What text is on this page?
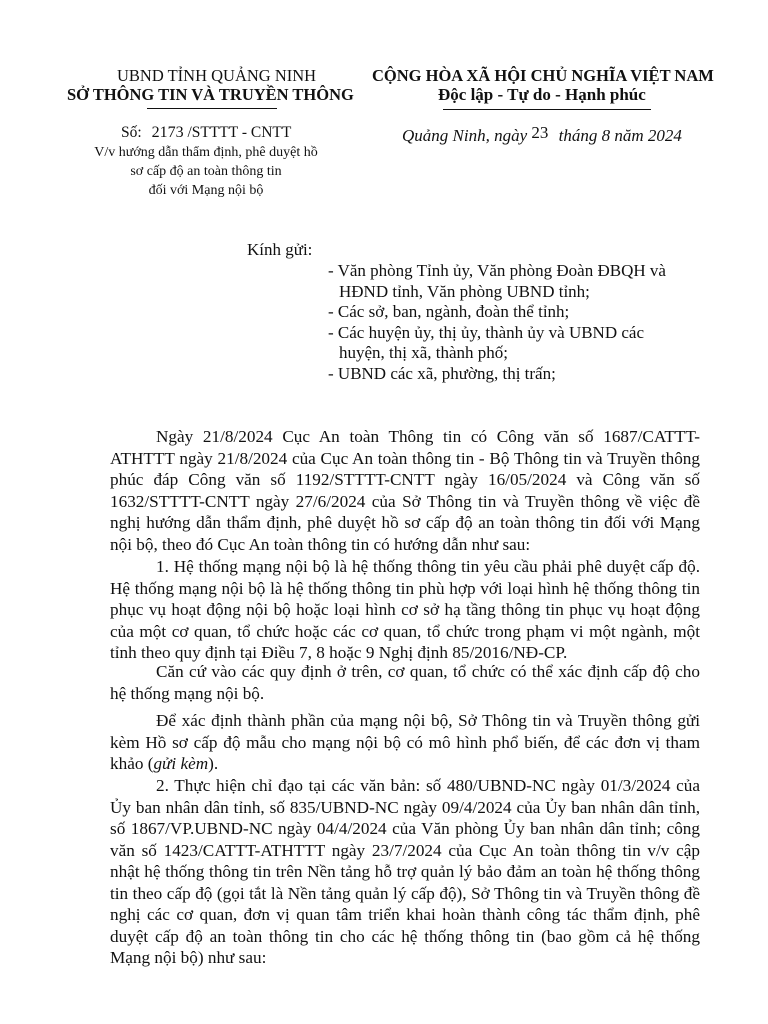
UBND TỈNH QUẢNG NINH
SỞ THÔNG TIN VÀ TRUYỀN THÔNG
Số: 2173 /STTTT - CNTT
V/v hướng dẫn thẩm định, phê duyệt hồ
sơ cấp độ an toàn thông tin
đối với Mạng nội bộ
CỘNG HÒA XÃ HỘI CHỦ NGHĨA VIỆT NAM
Độc lập - Tự do - Hạnh phúc
Quảng Ninh, ngày 23 tháng 8 năm 2024
Kính gửi:
- Văn phòng Tỉnh ủy, Văn phòng Đoàn ĐBQH và
HĐND tỉnh, Văn phòng UBND tỉnh;
- Các sở, ban, ngành, đoàn thể tỉnh;
- Các huyện ủy, thị ủy, thành ủy và UBND các
huyện, thị xã, thành phố;
- UBND các xã, phường, thị trấn;

Ngày 21/8/2024 Cục An toàn Thông tin có Công văn số 1687/CATTT-ATHTTT ngày 21/8/2024 của Cục An toàn thông tin - Bộ Thông tin và Truyền thông phúc đáp Công văn số 1192/STTTT-CNTT ngày 16/05/2024 và Công văn số 1632/STTTT-CNTT ngày 27/6/2024 của Sở Thông tin và Truyền thông về việc đề nghị hướng dẫn thẩm định, phê duyệt hồ sơ cấp độ an toàn thông tin đối với Mạng nội bộ, theo đó Cục An toàn thông tin có hướng dẫn như sau:

1. Hệ thống mạng nội bộ là hệ thống thông tin yêu cầu phải phê duyệt cấp độ. Hệ thống mạng nội bộ là hệ thống thông tin phù hợp với loại hình hệ thống thông tin phục vụ hoạt động nội bộ hoặc loại hình cơ sở hạ tầng thông tin phục vụ hoạt động của một cơ quan, tổ chức hoặc các cơ quan, tổ chức trong phạm vi một ngành, một tỉnh theo quy định tại Điều 7, 8 hoặc 9 Nghị định 85/2016/NĐ-CP.

Căn cứ vào các quy định ở trên, cơ quan, tổ chức có thể xác định cấp độ cho hệ thống mạng nội bộ.

Để xác định thành phần của mạng nội bộ, Sở Thông tin và Truyền thông gửi kèm Hồ sơ cấp độ mẫu cho mạng nội bộ có mô hình phổ biến, để các đơn vị tham khảo (gửi kèm).

2. Thực hiện chỉ đạo tại các văn bản: số 480/UBND-NC ngày 01/3/2024 của Ủy ban nhân dân tỉnh, số 835/UBND-NC ngày 09/4/2024 của Ủy ban nhân dân tỉnh, số 1867/VP.UBND-NC ngày 04/4/2024 của Văn phòng Ủy ban nhân dân tỉnh; công văn số 1423/CATTT-ATHTTT ngày 23/7/2024 của Cục An toàn thông tin v/v cập nhật hệ thống thông tin trên Nền tảng hỗ trợ quản lý bảo đảm an toàn hệ thống thông tin theo cấp độ (gọi tắt là Nền tảng quản lý cấp độ), Sở Thông tin và Truyền thông đề nghị các cơ quan, đơn vị quan tâm triển khai hoàn thành công tác thẩm định, phê duyệt cấp độ an toàn thông tin cho các hệ thống thông tin (bao gồm cả hệ thống Mạng nội bộ) như sau:
